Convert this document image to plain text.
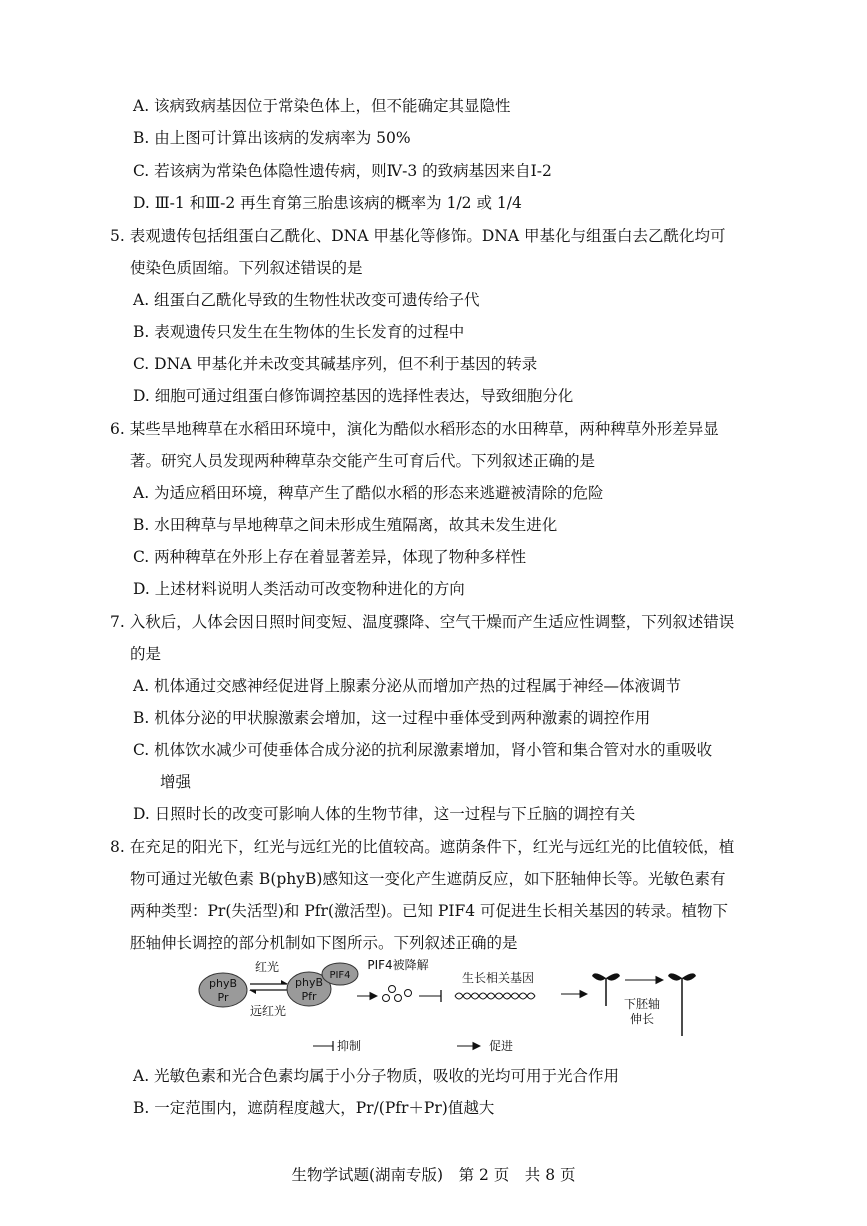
A. 该病致病基因位于常染色体上，但不能确定其显隐性
B. 由上图可计算出该病的发病率为 50%
C. 若该病为常染色体隐性遗传病，则Ⅳ-3 的致病基因来自Ⅰ-2
D. Ⅲ-1 和Ⅲ-2 再生育第三胎患该病的概率为 1/2 或 1/4
5. 表观遗传包括组蛋白乙酰化、DNA 甲基化等修饰。DNA 甲基化与组蛋白去乙酰化均可
使染色质固缩。下列叙述错误的是
A. 组蛋白乙酰化导致的生物性状改变可遗传给子代
B. 表观遗传只发生在生物体的生长发育的过程中
C. DNA 甲基化并未改变其碱基序列，但不利于基因的转录
D. 细胞可通过组蛋白修饰调控基因的选择性表达，导致细胞分化
6. 某些旱地稗草在水稻田环境中，演化为酷似水稻形态的水田稗草，两种稗草外形差异显
著。研究人员发现两种稗草杂交能产生可育后代。下列叙述正确的是
A. 为适应稻田环境，稗草产生了酷似水稻的形态来逃避被清除的危险
B. 水田稗草与旱地稗草之间未形成生殖隔离，故其未发生进化
C. 两种稗草在外形上存在着显著差异，体现了物种多样性
D. 上述材料说明人类活动可改变物种进化的方向
7. 入秋后，人体会因日照时间变短、温度骤降、空气干燥而产生适应性调整，下列叙述错误
的是
A. 机体通过交感神经促进肾上腺素分泌从而增加产热的过程属于神经—体液调节
B. 机体分泌的甲状腺激素会增加，这一过程中垂体受到两种激素的调控作用
C. 机体饮水减少可使垂体合成分泌的抗利尿激素增加，肾小管和集合管对水的重吸收
增强
D. 日照时长的改变可影响人体的生物节律，这一过程与下丘脑的调控有关
8. 在充足的阳光下，红光与远红光的比值较高。遮荫条件下，红光与远红光的比值较低，植
物可通过光敏色素 B(phyB)感知这一变化产生遮荫反应，如下胚轴伸长等。光敏色素有
两种类型：Pr(失活型)和 Pfr(激活型)。已知 PIF4 可促进生长相关基因的转录。植物下
胚轴伸长调控的部分机制如下图所示。下列叙述正确的是
phyB
Pr
红光
远红光
phyB
Pfr
PIF4
PIF4被降解
生长相关基因
下胚轴
伸长
抑制	促进
A. 光敏色素和光合色素均属于小分子物质，吸收的光均可用于光合作用
B. 一定范围内，遮荫程度越大，Pr/(Pfr＋Pr)值越大
生物学试题(湖南专版)　第 2 页　共 8 页
